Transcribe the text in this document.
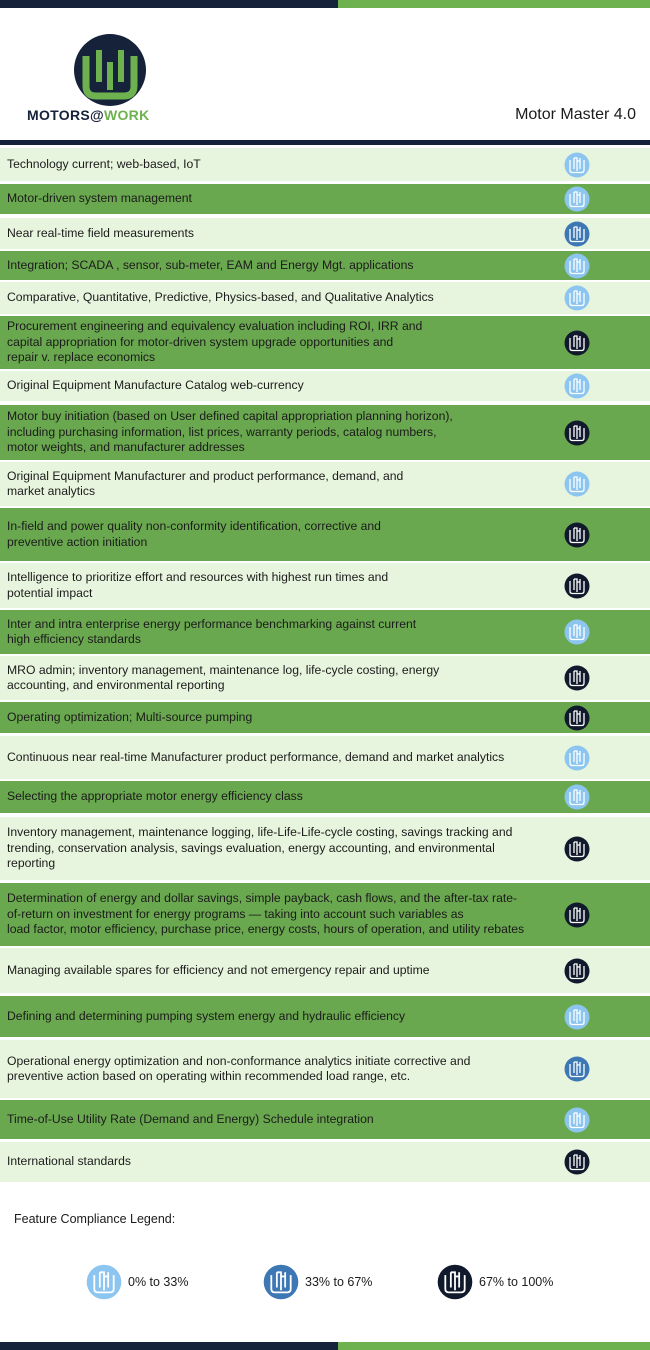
MOTORS@WORK	Motor Master 4.0
Technology current; web-based, IoT
Motor-driven system management
Near real-time field measurements
Integration; SCADA , sensor, sub-meter, EAM and Energy Mgt. applications
Comparative, Quantitative, Predictive, Physics-based, and Qualitative Analytics
Procurement engineering and equivalency evaluation including ROI, IRR and
capital appropriation for motor-driven system upgrade opportunities and
repair v. replace economics
Original Equipment Manufacture Catalog web-currency
Motor buy initiation (based on User defined capital appropriation planning horizon),
including purchasing information, list prices, warranty periods, catalog numbers,
motor weights, and manufacturer addresses
Original Equipment Manufacturer and product performance, demand, and
market analytics
In-field and power quality non-conformity identification, corrective and
preventive action initiation
Intelligence to prioritize effort and resources with highest run times and
potential impact
Inter and intra enterprise energy performance benchmarking against current
high efficiency standards
MRO admin; inventory management, maintenance log, life-cycle costing, energy
accounting, and environmental reporting
Operating optimization; Multi-source pumping
Continuous near real-time Manufacturer product performance, demand and market analytics
Selecting the appropriate motor energy efficiency class
Inventory management, maintenance logging, life-Life-Life-cycle costing, savings tracking and
trending, conservation analysis, savings evaluation, energy accounting, and environmental
reporting
Determination of energy and dollar savings, simple payback, cash flows, and the after-tax rate-
of-return on investment for energy programs — taking into account such variables as
load factor, motor efficiency, purchase price, energy costs, hours of operation, and utility rebates
Managing available spares for efficiency and not emergency repair and uptime
Defining and determining pumping system energy and hydraulic efficiency
Operational energy optimization and non-conformance analytics initiate corrective and
preventive action based on operating within recommended load range, etc.
Time-of-Use Utility Rate (Demand and Energy) Schedule integration
International standards
Feature Compliance Legend:
0% to 33%	33% to 67%	67% to 100%
